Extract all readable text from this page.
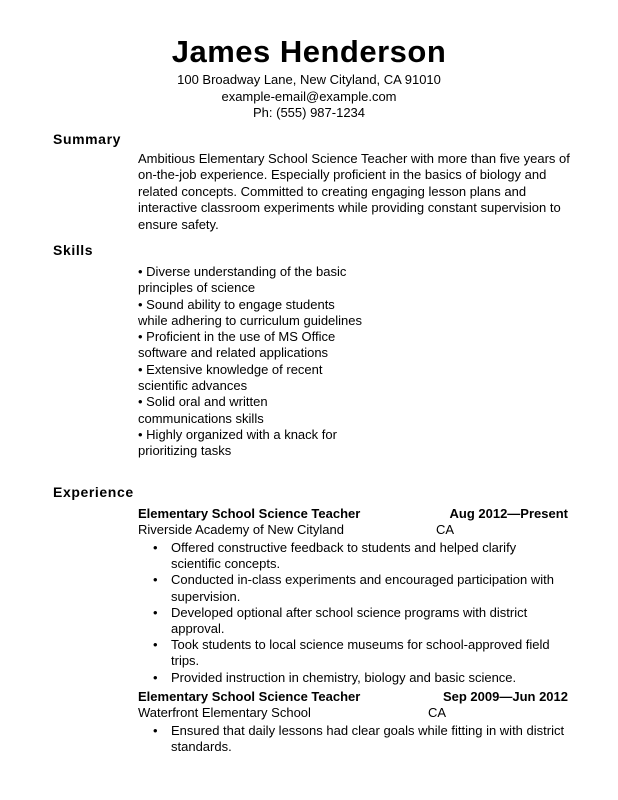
James Henderson
100 Broadway Lane, New Cityland, CA 91010
example-email@example.com
Ph: (555) 987-1234
Summary
Ambitious Elementary School Science Teacher with more than five years of on-the-job experience. Especially proficient in the basics of biology and related concepts. Committed to creating engaging lesson plans and interactive classroom experiments while providing constant supervision to ensure safety.
Skills

• Diverse understanding of the basic principles of science

• Sound ability to engage students while adhering to curriculum guidelines

• Proficient in the use of MS Office software and related applications

• Extensive knowledge of recent scientific advances

• Solid oral and written communications skills

• Highly organized with a knack for prioritizing tasks

Experience
Elementary School Science Teacher	Aug 2012—Present
Riverside Academy of New Cityland	CA
• Offered constructive feedback to students and helped clarify scientific concepts.
• Conducted in-class experiments and encouraged participation with supervision.
• Developed optional after school science programs with district approval.
• Took students to local science museums for school-approved field trips.
• Provided instruction in chemistry, biology and basic science.
Elementary School Science Teacher	Sep 2009—Jun 2012
Waterfront Elementary School	CA
• Ensured that daily lessons had clear goals while fitting in with district standards.
